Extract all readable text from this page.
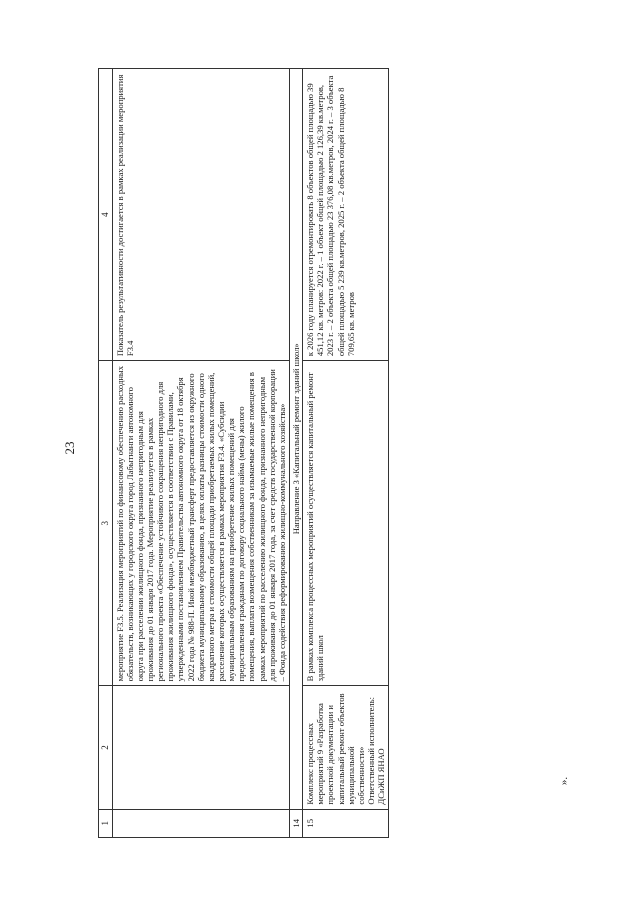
23
1	2	3	4
		мероприятие F3.5. Реализация мероприятий по финансовому обеспечению расходных обязательств, возникающих у городского округа город Лабытнанги автономного округа при расселении жилищного фонда, признанного непригодным для проживания до 01 января 2017 года. Мероприятие реализуется в рамках регионального проекта «Обеспечение устойчивого сокращения непригодного для проживания жилищного фонда», осуществляется в соответствии с Правилами, утвержденными постановлением Правительства автономного округа от 18 октября 2022 года № 988-П. Иной межбюджетный трансферт предоставляется из окружного бюджета муниципальному образованию, в целях оплаты разницы стоимости одного квадратного метра и стоимости общей площади приобретаемых жилых помещений, расселение которых осуществляется в рамках мероприятия F3.4. «Субсидии муниципальным образованиям на приобретение жилых помещений для предоставления гражданам по договору социального найма (мены) жилого помещения, выплата возмещения собственникам за изымаемые жилые помещения в рамках мероприятий по расселению жилищного фонда, признанного непригодным для проживания до 01 января 2017 года, за счет средств государственной корпорации – Фонда содействия реформированию жилищно-коммунального хозяйства»	Показатель результативности достигается в рамках реализации мероприятия F3.4
14	Направление 3 «Капитальный ремонт зданий школ»		
15	Комплекс процессных мероприятий 9 «Разработка проектной документации и капитальный ремонт объектов муниципальной собственности» Ответственный исполнитель: ДСиЖП ЯНАО	В рамках комплекса процессных мероприятий осуществляется капитальный ремонт зданий школ	к 2026 году планируется отремонтировать 8 объектов общей площадью 39 451,12 кв. метров: 2022 г. – 1 объект общей площадью 2 126,39 кв.метров, 2023 г. – 2 объекта общей площадью 23 376,08 кв.метров, 2024 г. – 3 объекта общей площадью 5 239 кв.метров, 2025 г. – 2 объекта общей площадью 8 709,65 кв. метров
».
